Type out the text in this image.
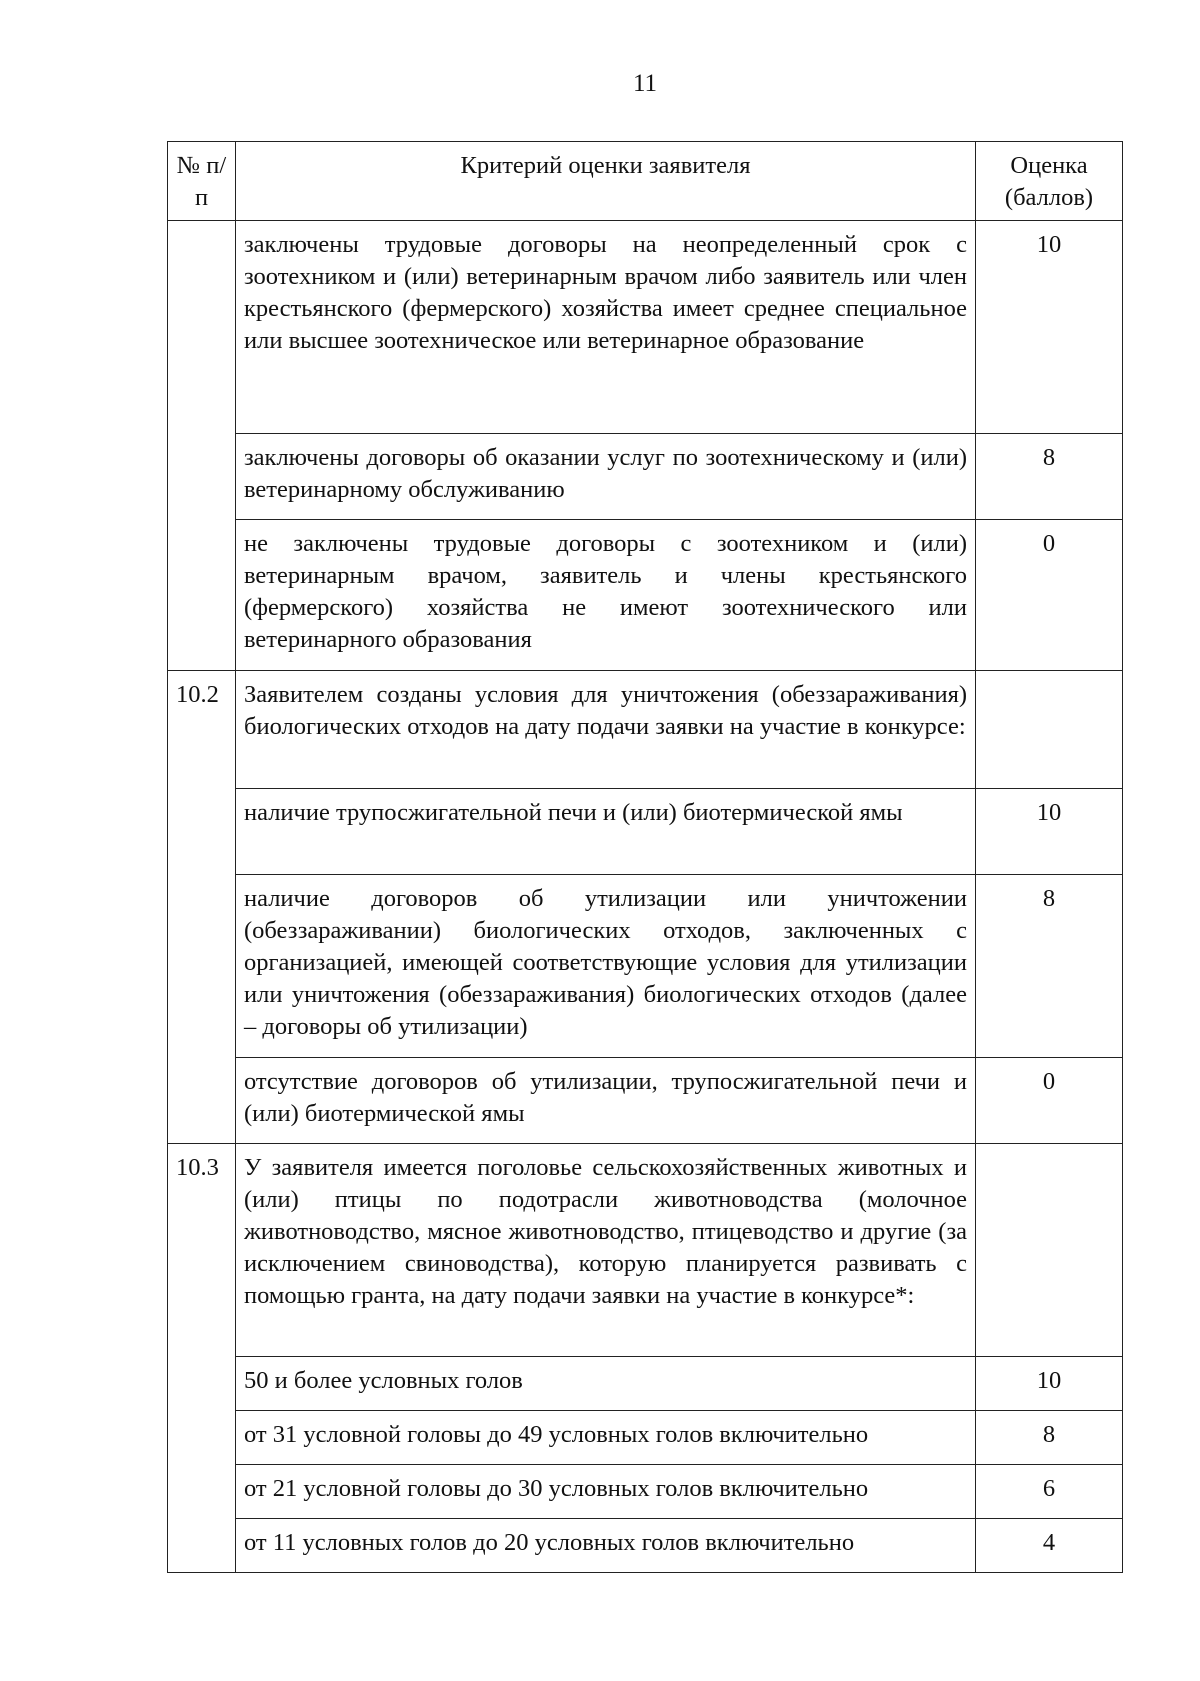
11
№ п/п	Критерий оценки заявителя	Оценка (баллов)
	заключены трудовые договоры на неопределенный срок с зоотехником и (или) ветеринарным врачом либо заявитель или член крестьянского (фермерского) хозяйства имеет среднее специальное или высшее зоотехническое или ветеринарное образование	10
	заключены договоры об оказании услуг по зоотехническому и (или) ветеринарному обслуживанию	8
	не заключены трудовые договоры с зоотехником и (или) ветеринарным врачом, заявитель и члены крестьянского (фермерского) хозяйства не имеют зоотехнического или ветеринарного образования	0
10.2	Заявителем созданы условия для уничтожения (обеззараживания) биологических отходов на дату подачи заявки на участие в конкурсе:	
	наличие трупосжигательной печи и (или) биотермической ямы	10
	наличие договоров об утилизации или уничтожении (обеззараживании) биологических отходов, заключенных с организацией, имеющей соответствующие условия для утилизации или уничтожения (обеззараживания) биологических отходов (далее – договоры об утилизации)	8
	отсутствие договоров об утилизации, трупосжигательной печи и (или) биотермической ямы	0
10.3	У заявителя имеется поголовье сельскохозяйственных животных и (или) птицы по подотрасли животноводства (молочное животноводство, мясное животноводство, птицеводство и другие (за исключением свиноводства), которую планируется развивать с помощью гранта, на дату подачи заявки на участие в конкурсе*:	
	50 и более условных голов	10
	от 31 условной головы до 49 условных голов включительно	8
	от 21 условной головы до 30 условных голов включительно	6
	от 11 условных голов до 20 условных голов включительно	4
